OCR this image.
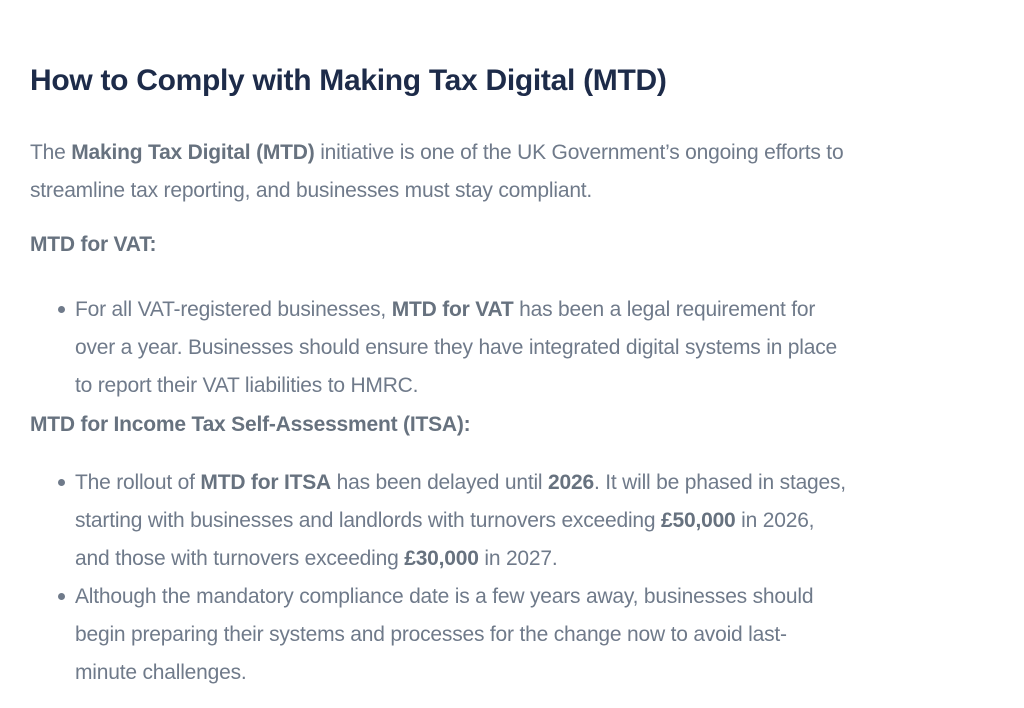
How to Comply with Making Tax Digital (MTD)

The Making Tax Digital (MTD) initiative is one of the UK Government’s ongoing efforts to
streamline tax reporting, and businesses must stay compliant.

MTD for VAT:

For all VAT-registered businesses, MTD for VAT has been a legal requirement for
over a year. Businesses should ensure they have integrated digital systems in place
to report their VAT liabilities to HMRC.

MTD for Income Tax Self-Assessment (ITSA):

The rollout of MTD for ITSA has been delayed until 2026. It will be phased in stages,
starting with businesses and landlords with turnovers exceeding £50,000 in 2026,
and those with turnovers exceeding £30,000 in 2027.
Although the mandatory compliance date is a few years away, businesses should
begin preparing their systems and processes for the change now to avoid last-
minute challenges.
